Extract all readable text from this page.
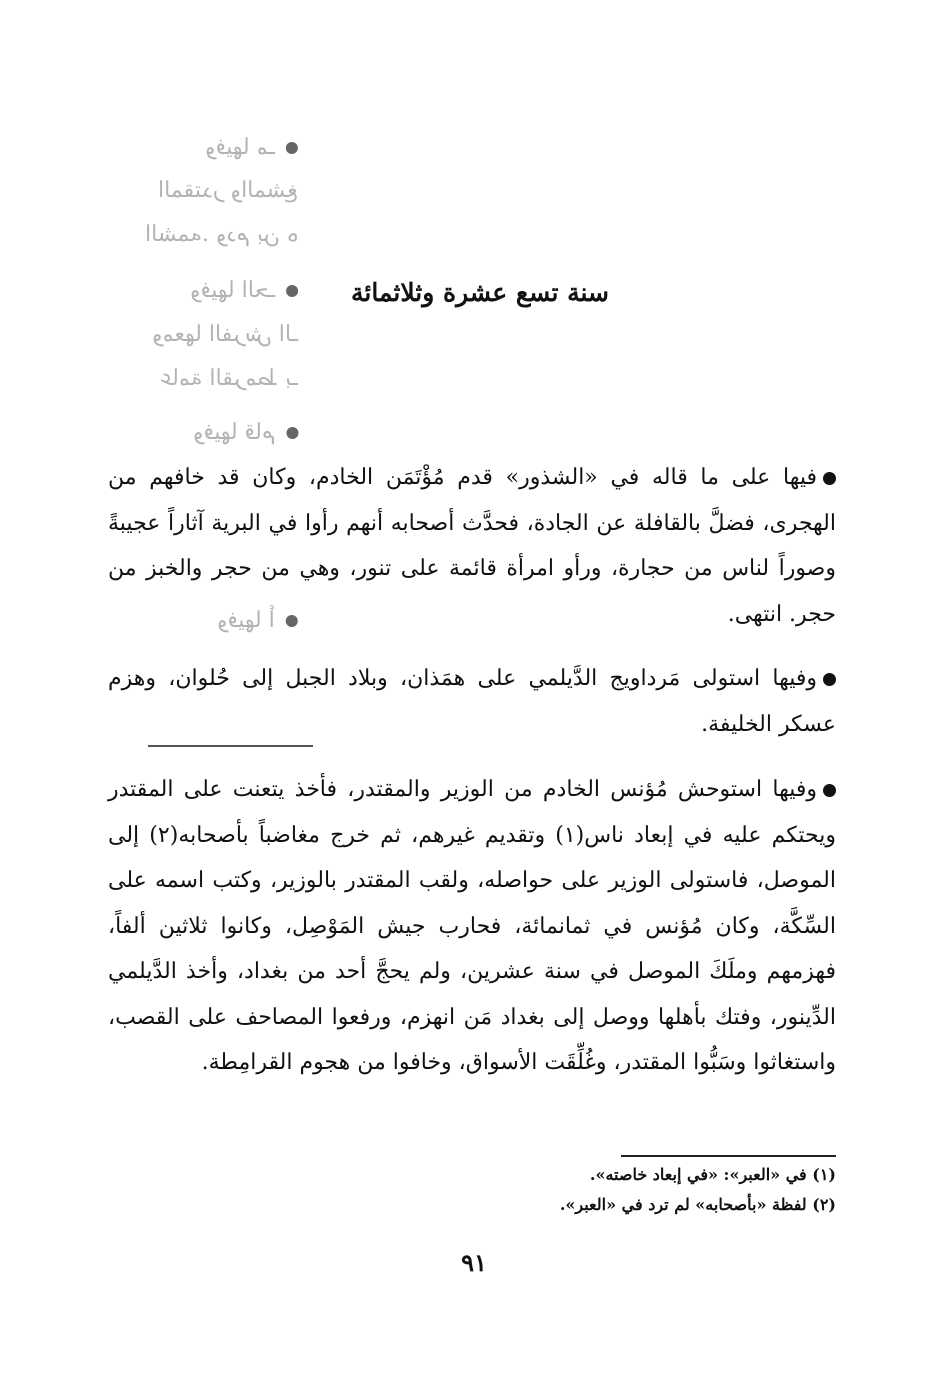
وفيها مـ
المقتدر والمشغ
الشمه. ودم بن ه
وفيها الحـ
ومعها الفرش الـ
عامة القرمط بـ
وفيها قام
وفيها أ
سنة تسع عشرة وثلاثمائة

فيها على ما قاله في «الشذور» قدم مُؤْتَمَن الخادم، وكان قد خافهم من الهجرى، فضلَّ بالقافلة عن الجادة، فحدَّث أصحابه أنهم رأوا في البرية آثاراً عجيبةً وصوراً لناس من حجارة، ورأو امرأة قائمة على تنور، وهي من حجر والخبز من حجر. انتهى.

وفيها استولى مَرداويج الدَّيلمي على همَذان، وبلاد الجبل إلى حُلوان، وهزم عسكر الخليفة.

وفيها استوحش مُؤنس الخادم من الوزير والمقتدر، فأخذ يتعنت على المقتدر ويحتكم عليه في إبعاد ناس(١) وتقديم غيرهم، ثم خرج مغاضباً بأصحابه(٢) إلى الموصل، فاستولى الوزير على حواصله، ولقب المقتدر بالوزير، وكتب اسمه على السِّكَّة، وكان مُؤنس في ثمانمائة، فحارب جيش المَوْصِل، وكانوا ثلاثين ألفاً، فهزمهم وملَكَ الموصل في سنة عشرين، ولم يحجَّ أحد من بغداد، وأخذ الدَّيلمي الدِّينور، وفتك بأهلها ووصل إلى بغداد مَن انهزم، ورفعوا المصاحف على القصب، واستغاثوا وسَبُّوا المقتدر، وغُلِّقَت الأسواق، وخافوا من هجوم القرامِطة.

(١) في «العبر»: «في إبعاد خاصته».
(٢) لفظة «بأصحابه» لم ترد في «العبر».
٩١
